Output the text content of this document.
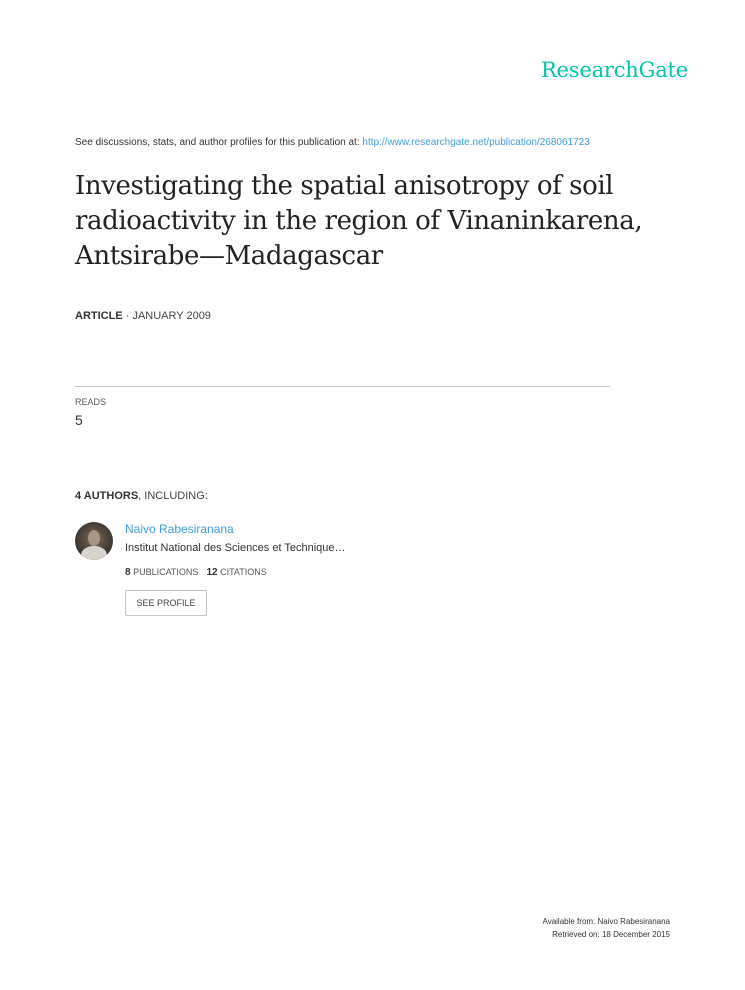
ResearchGate
See discussions, stats, and author profiles for this publication at: http://www.researchgate.net/publication/268061723
Investigating the spatial anisotropy of soil
radioactivity in the region of Vinaninkarena,
Antsirabe—Madagascar
ARTICLE · JANUARY 2009
READS
5
4 AUTHORS, INCLUDING:
Naivo Rabesiranana
Institut National des Sciences et Technique…
8 PUBLICATIONS 12 CITATIONS
SEE PROFILE
Available from: Naivo Rabesiranana
Retrieved on: 18 December 2015
